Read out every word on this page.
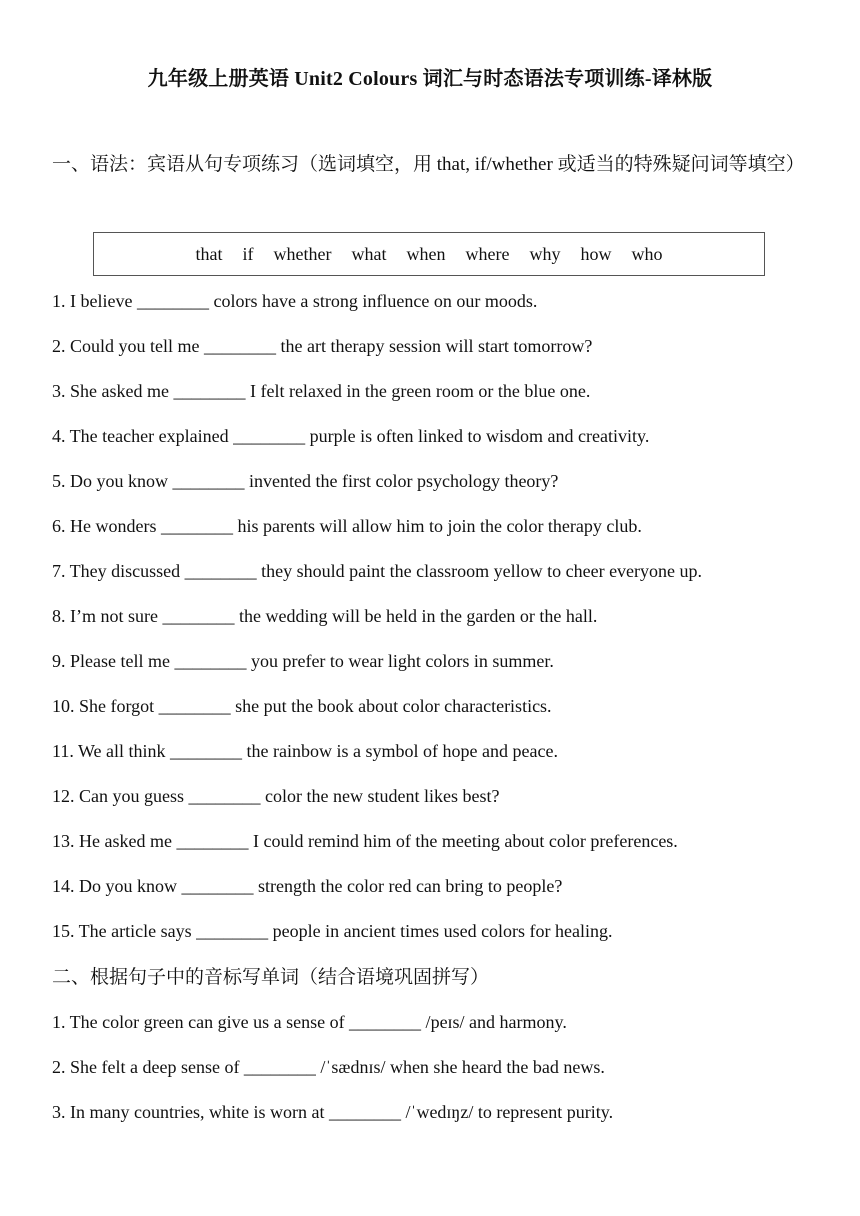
九年级上册英语 Unit2 Colours 词汇与时态语法专项训练-译林版
一、语法：宾语从句专项练习（选词填空，用 that, if/whether 或适当的特殊疑问词等填空）
that if whether what when where why how who
1. I believe ________ colors have a strong influence on our moods.
2. Could you tell me ________ the art therapy session will start tomorrow?
3. She asked me ________ I felt relaxed in the green room or the blue one.
4. The teacher explained ________ purple is often linked to wisdom and creativity.
5. Do you know ________ invented the first color psychology theory?
6. He wonders ________ his parents will allow him to join the color therapy club.
7. They discussed ________ they should paint the classroom yellow to cheer everyone up.
8. I’m not sure ________ the wedding will be held in the garden or the hall.
9. Please tell me ________ you prefer to wear light colors in summer.
10. She forgot ________ she put the book about color characteristics.
11. We all think ________ the rainbow is a symbol of hope and peace.
12. Can you guess ________ color the new student likes best?
13. He asked me ________ I could remind him of the meeting about color preferences.
14. Do you know ________ strength the color red can bring to people?
15. The article says ________ people in ancient times used colors for healing.
二、根据句子中的音标写单词（结合语境巩固拼写）
1. The color green can give us a sense of ________ /peɪs/ and harmony.
2. She felt a deep sense of ________ /ˈsædnɪs/ when she heard the bad news.
3. In many countries, white is worn at ________ /ˈwedɪŋz/ to represent purity.
